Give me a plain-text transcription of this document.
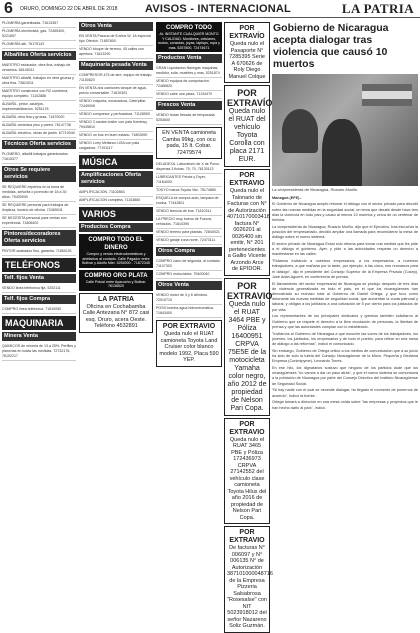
6 ORURO, DOMINGO 22 DE ABRIL DE 2018	AVISOS - INTERNACIONAL	LA PATRIA
PLOMERÍA garantizada. 71613357
PLOMERÍA electricista, gas. 72455400, 5221657
PLOMERÍA alb. 76175143
Albañiles Oferta servicios
MAESTRO estucador, obra fina, trabajo de ceramica. 68145011
MAESTRO albañil, trabajos en obra gruesa y obra fina. 73824011
MAESTRO constructor con RZ cumbrera, equipo completo. 71102886
ALBAÑIL, pintor, azulejos, impermeabilizacion. 5251178
ALBAÑIL obra fina y gruesa. 71870020
ALBAÑIL ceramica piso y pared. 76147738
ALBAÑIL electrico, obras de jardin. 67710040
Técnicos Oferta servicios
PLOMERO, albañil trabajos garantizados. 71615377
Otros Se requiere servicios
SE REQUIERE expertos en la toma de medidas, señorita o jovencito de 18 a 30 años. 79430000
SE REQUIERE personal para trabajos de limpieza, horario de oficina. 72469041
SE NECESITA personal para ventas con experiencia. 71806402
Pintores/decoradores Oferta servicios
PINTOR acabados fino, garantia. 71850191
TELÉFONOS
Telf. fijos Venta
VENDO linea telefonica fija. 5252111
Telf. fijos Compra
COMPRO linea telefonica. 71810050
MAQUINARIA
Minera Venta
QUIMICOS de mineria de 13 a 25%. Perfiles y planchas en todas las medidas. 72732176, 76192217
Otros Venta
EN VENTA Pascua de 8 años W, 18 especial tipo Oferton. 71857800
VENDO bloque de terreno, 45 calles con apertura. 71813290
Maquinaria pesada Venta
COMPRESOR 475 de aire, equipo de trabajo. 71150820
EN VENTA dos camiones tanque de agua, precio conversable. 71810303
VENDO volqueta, excavadora, Caterpillar. 72449006
VENDO compresor y perforadora. 71128500
VENDO 3 camion trailer con pala Kemtraq. 79445810
VENDO un bus en buen estado. 71802890
VENDO Lorry Mellanco USA con pala cargadora. 77191117
MÚSICA
Amplificaciones Oferta servicios
AMPLIFICACION. 71102863
AMPLIFICACION completa. 71103880
VARIOS
Productos Compra
COMPRO TODO EL DINERO
Compro y vendo electrodomesticos y artefactos al contado. Calle Pagador entre Bolivar y Adolfo Mier. 5254000 - 71872345
COMPRO ORO PLATA
Calle Potosi entre Ayacucho y Bolivar. 76136520
LA PATRIA
Oficina en Cochabamba Calle Antezana N° 872 casi esq. Oruro, acera Oeste. Teléfono 4532891
COMPRO TODO
AL INSTANTE CUALQUIER MONTO Y CALIDAD. Monitores, celulares, motos, consolas, joyas, laptops, ropa y mas. 5257800, 72474671
Productos Venta
GRAN Liquidacion Navegas maquinas, medidor, sofa, muebles y mas. 5251874
VENDO equipos de computacion. 72486820
VENDO catre una plaza. 71134470
Frescos Venta
VENDO frutas frescas de temporada. 5253600
EN VENTA camioneta Camba 99kg, con ocu pada, 15 lt. Cobar. 72479574
DELADEXA. Laboratorio de X de Porco. dispensa 3 fichas. 75, 70, 76130113
LUBRICANTES Pelota y Dryer. 71164000
TOKYO marca Toyota Vitz. 75174880
ESQUELA se compra auto, lampara de cocina. 77442801
VENDO licencia de bus. 71810311
LA PRECIO muy bueno de Fuerza, vehiculos. 71810390
VENDO terreno para plantas. 72840021
VENDO garaje zona norte. 72473111
Otros Compra
COMPRO carro de segunda, al contado. 71107303
COMPRO motocicleta. 75400040
Otros Venta
VENDO motor de 4 y 6 cilindros. 72510710
POSO bomba agua hidroneumatica. 71843400
POR EXTRAVIO
Queda nulo el RUAT camioneta Toyota Land Cruiser color blanco modelo 1992, Placa 590 YEP.
POR EXTRAVÍO
Queda nulo el Pasaporte N° 7285395 Serie A 670626 de Roly Diego Manuel Colque
POR EXTRAVÍO
Queda nulo el RUAT del vehículo Toyota Corolla con placa 2171 EUR.
POR EXTRAVIO
Queda nulo el Talonario de Facturas con N° de Autorización 40710170003418 factura N° 0026201 al 0026400 sin emitir, N° 201 pertenecientes a Gallio Vicente Arzondo Arce de EPIDOR.
POR EXTRAVIO
Queda nulo el RUAT 3464 PBE y Póliza 16400951 CRPVA 75E5E de la motocicleta Yamaha color negro, año 2012 de propiedad de Nelson Pari Copa.
POR EXTRAVIO
Queda nulo el RUAT 3465 PBE y Póliza 172436973 CRPVA 27142552 del vehículo clase camioneta Toyota Hilux del año 2016 de propiedad de Nelson Pari Copa.
POR EXTRAVIO
De facturas N° 006097 y N° 006135 N° de Autorización 387101000048716 de la Empresa Pizzeria Salsabrosa "Rosesalse" con NIT 5023918012 del señor Nazareno Soliz Guzmán.
Gobierno de Nicaragua acepta dialogar tras violencia que causó 10 muertos
La vicepresidenta de Nicaragua, Rosario Murillo.

Managua (EFE).-

El Gobierno de Nicaragua aceptó retomar el diálogo con el sector privado para discutir sobre las nuevas medidas en la seguridad social, un tema que desató desde hace tres días la violencia en todo país y causó al menos 10 muertos y cerca de un centenar de heridos.

La vicepresidenta de Nicaragua, Rosario Murillo, dijo que el Ejecutivo, tras escuchar la posición del empresariado, decidió ampliar una llamada para reconsiderar la mesa de diálogo sobre el nuevo sistema.

El sector privado de Nicaragua Exsal solo retoma para tomar una medida que les pide a el diálogo el gobierno. Ayer, y pide a las autoridades respetar un derecho a manifestarse en las calles.

"Estamos invitando a nuestros empresarios, a los empresarios, a nuestros trabajadores, a que mañana por la tarde, por ejemplo, a las cinco, nos reunamos para el diálogo", dijo el presidente del Consejo Superior de la Empresa Privada (Cosep), José Adán Aguerri, en conferencia de prensa.

El llamamiento del sector empresarial de Nicaragua se produjo después de tres días de violencia generalizada en todo el país, en el que los nicaragüenses han demostrado su rechazo total al Gobierno de Daniel Ortega, y que tuvo como detonante las nuevas medidas de seguridad social, que aumentan la cuota patronal y laboral, y obligan a los jubilados a una cotización de 5 por ciento para los jubilados de por vida.

Los representantes de los principales sindicatos y gremios también solicitaron al Gobierno que se respete el derecho a la libre circulación de personas, la libertad de prensa y que las autoridades cumplan con lo establecido.

"Invitamos al Gobierno de Nicaragua a que escuche las voces de los trabajadores, los jóvenes, los jubilados, los empresarios y de todo el pueblo, para retirar en una mesa de diálogo a las reformas", indicó el comunicado.

Sin embargo, Gobierno de Ortega criticó a los medios de comunicación que a su juicio ha sido de solo la tutela del Consejo Nicaragüense de la Micro, Pequeña y Mediana Empresa (Conimipyme), Leonardo Torres.

En ese hilo, los dignatarios sostuvo que ninguno de los partidos dude que los nicaragüenses "no vamos a dar un paso atrás", y que el nuevo sistema se comunicará a la población de Nicaragua por parte del Consejo Directivo del Instituto Nicaragüense de Seguridad Social.

"Ni hay nadie con el cual se necesite dialogar, ha llegado el momento de ponernos de acuerdo", indicó la fuente.

Ortega tomará a dirección en una mesa unida sobre "las empresas y proyectos que le han hecho daño al país", indicó.
